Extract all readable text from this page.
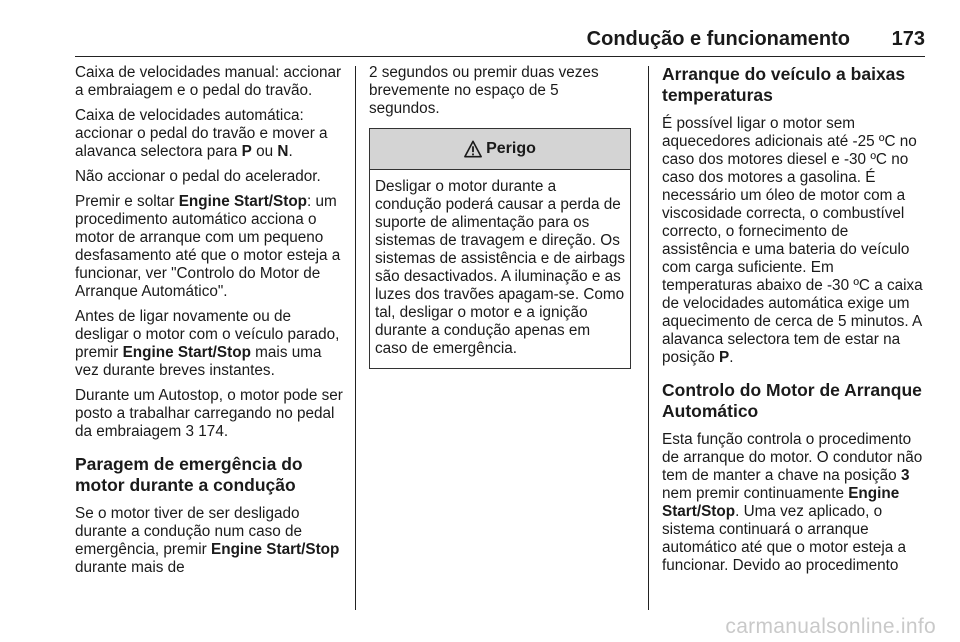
Condução e funcionamento 173

Caixa de velocidades manual: accionar a embraiagem e o pedal do travão.

Caixa de velocidades automática: accionar o pedal do travão e mover a alavanca selectora para P ou N.

Não accionar o pedal do acelerador.

Premir e soltar Engine Start/Stop: um procedimento automático acciona o motor de arranque com um pequeno desfasamento até que o motor esteja a funcionar, ver "Controlo do Motor de Arranque Automático".

Antes de ligar novamente ou de desligar o motor com o veículo parado, premir Engine Start/Stop mais uma vez durante breves instantes.

Durante um Autostop, o motor pode ser posto a trabalhar carregando no pedal da embraiagem 3 174.

Paragem de emergência do motor durante a condução

Se o motor tiver de ser desligado durante a condução num caso de emergência, premir Engine Start/Stop durante mais de

2 segundos ou premir duas vezes brevemente no espaço de 5 segundos.

Perigo
Desligar o motor durante a condução poderá causar a perda de suporte de alimentação para os sistemas de travagem e direção. Os sistemas de assistência e de airbags são desactivados. A iluminação e as luzes dos travões apagam-se. Como tal, desligar o motor e a ignição durante a condução apenas em caso de emergência.
Arranque do veículo a baixas temperaturas

É possível ligar o motor sem aquecedores adicionais até -25 ºC no caso dos motores diesel e -30 ºC no caso dos motores a gasolina. É necessário um óleo de motor com a viscosidade correcta, o combustível correcto, o fornecimento de assistência e uma bateria do veículo com carga suficiente. Em temperaturas abaixo de -30 ºC a caixa de velocidades automática exige um aquecimento de cerca de 5 minutos. A alavanca selectora tem de estar na posição P.

Controlo do Motor de Arranque Automático

Esta função controla o procedimento de arranque do motor. O condutor não tem de manter a chave na posição 3 nem premir continuamente Engine Start/Stop. Uma vez aplicado, o sistema continuará o arranque automático até que o motor esteja a funcionar. Devido ao procedimento

carmanualsonline.info
